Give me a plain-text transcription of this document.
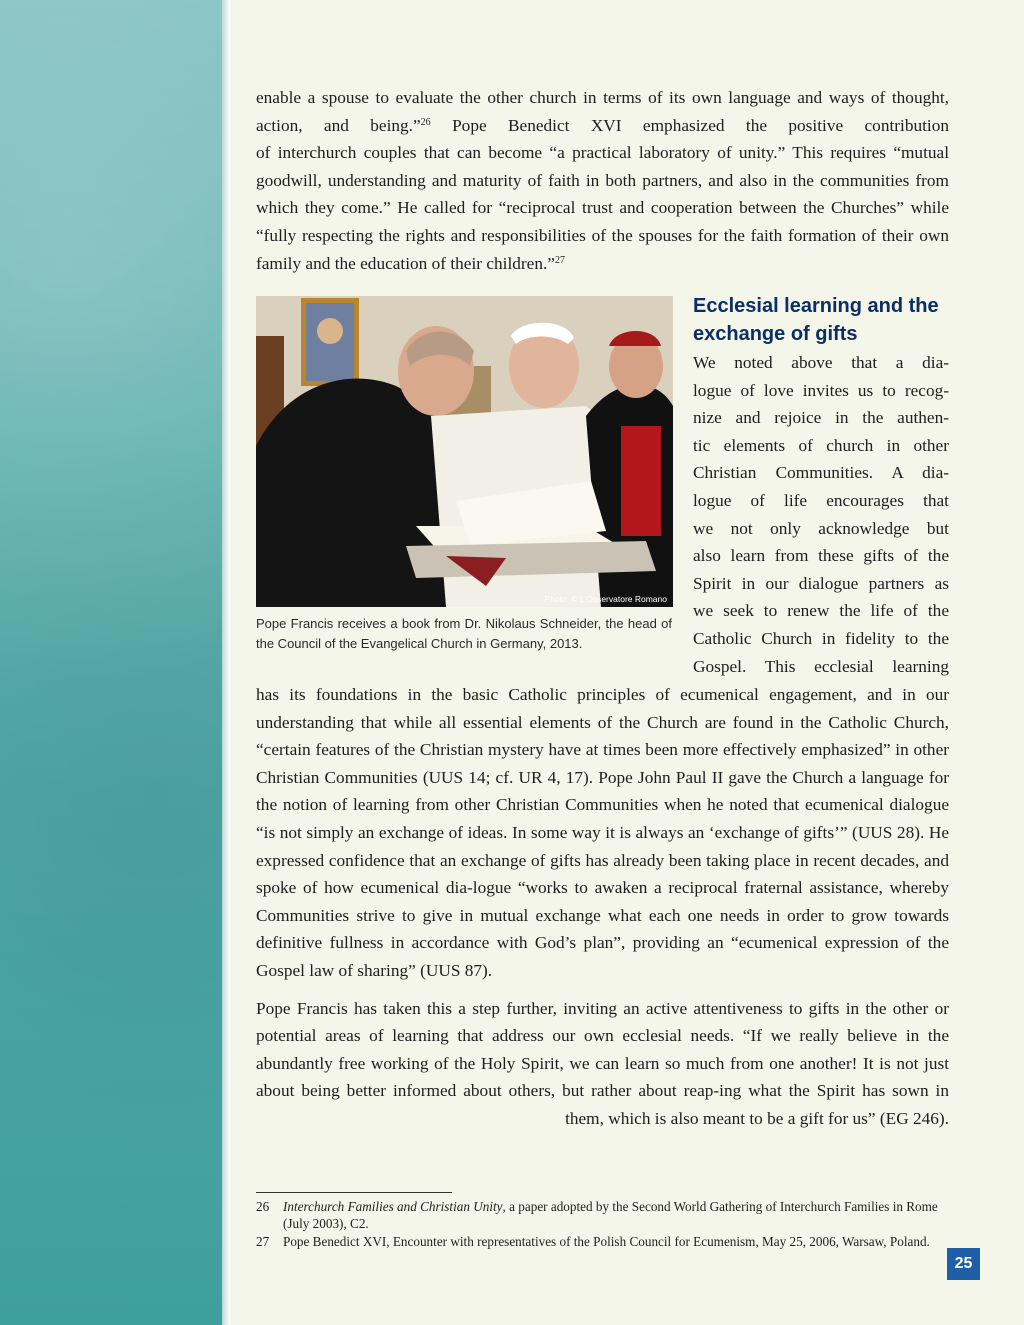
enable a spouse to evaluate the other church in terms of its own language and ways of thought, action, and being.”$^{26}$ Pope Benedict XVI emphasized the positive contribution

of interchurch couples that can become “a practical laboratory of unity.” This requires “mutual goodwill, understanding and maturity of faith in both partners, and also in the communities from which they come.” He called for “reciprocal trust and cooperation between the Churches” while “fully respecting the rights and responsibilities of the spouses for the faith formation of their own family and the education of their children.”$^{27}$

Photo: © L’Osservatore Romano
Pope Francis receives a book from Dr. Nikolaus Schneider, the head of the Council of the Evangelical Church in Germany, 2013.
Ecclesial learning and the
exchange of gifts
We noted above that a dia-
logue of love invites us to recog-
nize and rejoice in the authen-
tic elements of church in other
Christian Communities. A dia-
logue of life encourages that
we not only acknowledge but
also learn from these gifts of the
Spirit in our dialogue partners as
we seek to renew the life of the
Catholic Church in fidelity to the
Gospel. This ecclesial learning

has its foundations in the basic Catholic principles of ecumenical engagement, and in our understanding that while all essential elements of the Church are found in the Catholic Church, “certain features of the Christian mystery have at times been more effectively emphasized” in other Christian Communities (UUS 14; cf. UR 4, 17). Pope John Paul II gave the Church a language for the notion of learning from other Christian Communities when he noted that ecumenical dialogue “is not simply an exchange of ideas. In some way it is always an ‘exchange of gifts’” (UUS 28). He expressed confidence that an exchange of gifts has already been taking place in recent decades, and spoke of how ecumenical dia-logue “works to awaken a reciprocal fraternal assistance, whereby Communities strive to give in mutual exchange what each one needs in order to grow towards definitive fullness in accordance with God’s plan”, providing an “ecumenical expression of the Gospel law of sharing” (UUS 87).

Pope Francis has taken this a step further, inviting an active attentiveness to gifts in the other or potential areas of learning that address our own ecclesial needs. “If we really believe in the abundantly free working of the Holy Spirit, we can learn so much from one another! It is not just about being better informed about others, but rather about reap-ing what the Spirit has sown in them, which is also meant to be a gift for us” (EG 246).

26	Interchurch Families and Christian Unity, a paper adopted by the Second World Gathering of Interchurch Families in Rome (July 2003), C2.
27	Pope Benedict XVI, Encounter with representatives of the Polish Council for Ecumenism, May 25, 2006, Warsaw, Poland.
25
